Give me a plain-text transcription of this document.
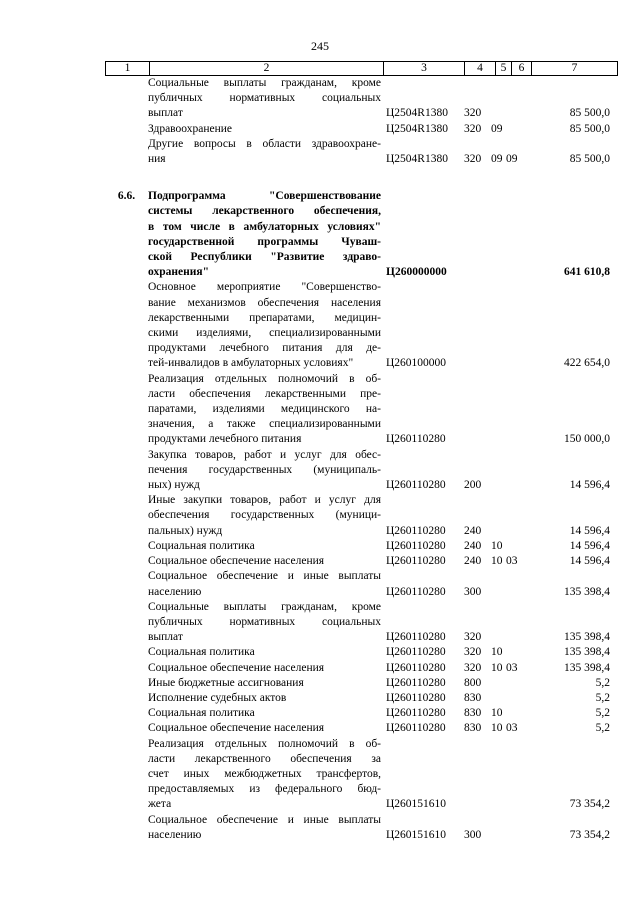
245
1	2	3	4	5	6	7
Социальные выплаты гражданам, кроме
публичных нормативных социальных
выплат	Ц2504R1380	320	85 500,0
Здравоохранение	Ц2504R1380	320 09	85 500,0
Другие вопросы в области здравоохране-
ния	Ц2504R1380	320 09 09	85 500,0
6.6.	Подпрограмма "Совершенствование
системы лекарственного обеспечения,
в том числе в амбулаторных условиях"
государственной программы Чуваш-
ской Республики "Развитие здраво-
охранения"	Ц260000000	641 610,8
Основное мероприятие "Совершенство-
вание механизмов обеспечения населения
лекарственными препаратами, медицин-
скими изделиями, специализированными
продуктами лечебного питания для де-
тей-инвалидов в амбулаторных условиях"	Ц260100000	422 654,0
Реализация отдельных полномочий в об-
ласти обеспечения лекарственными пре-
паратами, изделиями медицинского на-
значения, а также специализированными
продуктами лечебного питания	Ц260110280	150 000,0
Закупка товаров, работ и услуг для обес-
печения государственных (муниципаль-
ных) нужд	Ц260110280	200	14 596,4
Иные закупки товаров, работ и услуг для
обеспечения государственных (муници-
пальных) нужд	Ц260110280	240	14 596,4
Социальная политика	Ц260110280	240 10	14 596,4
Социальное обеспечение населения	Ц260110280	240 10 03	14 596,4
Социальное обеспечение и иные выплаты
населению	Ц260110280	300	135 398,4
Социальные выплаты гражданам, кроме
публичных нормативных социальных
выплат	Ц260110280	320	135 398,4
Социальная политика	Ц260110280	320 10	135 398,4
Социальное обеспечение населения	Ц260110280	320 10 03	135 398,4
Иные бюджетные ассигнования	Ц260110280	800	5,2
Исполнение судебных актов	Ц260110280	830	5,2
Социальная политика	Ц260110280	830 10	5,2
Социальное обеспечение населения	Ц260110280	830 10 03	5,2
Реализация отдельных полномочий в об-
ласти лекарственного обеспечения за
счет иных межбюджетных трансфертов,
предоставляемых из федерального бюд-
жета	Ц260151610	73 354,2
Социальное обеспечение и иные выплаты
населению	Ц260151610	300	73 354,2
